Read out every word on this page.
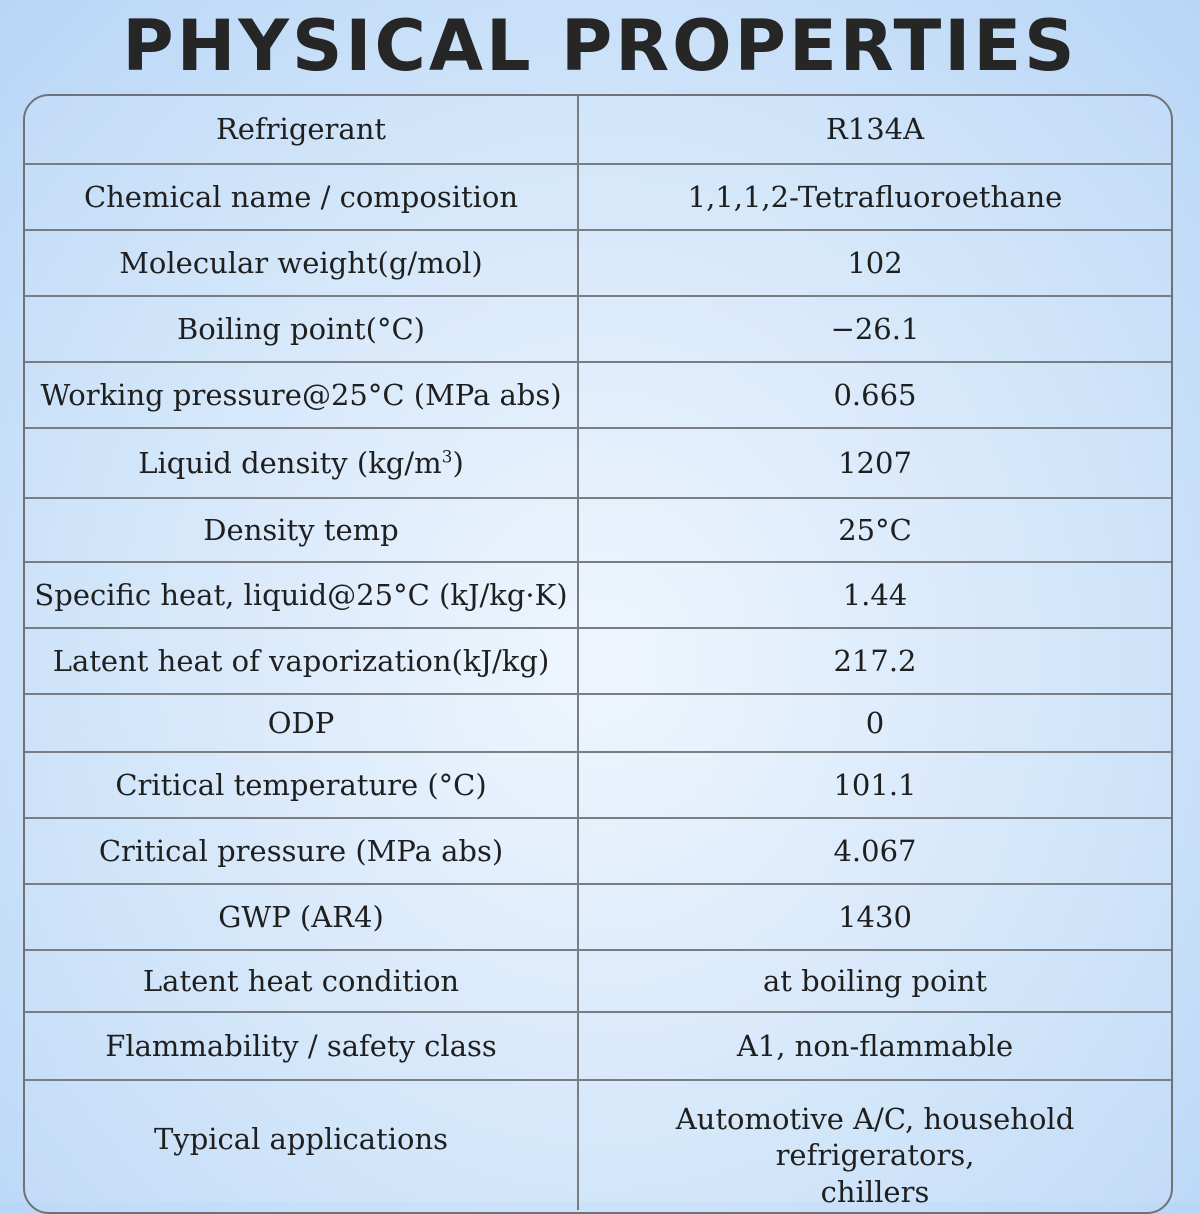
PHYSICAL PROPERTIES
Refrigerant	R134A
Chemical name / composition	1,1,1,2-Tetrafluoroethane
Molecular weight(g/mol)	102
Boiling point(°C)	−26.1
Working pressure@25°C (MPa abs)	0.665
Liquid density $(kg/m^3)$	1207
Density temp	25°C
Specific heat, liquid@25°C (kJ/kg·K)	1.44
Latent heat of vaporization(kJ/kg)	217.2
ODP	0
Critical temperature (°C)	101.1
Critical pressure (MPa abs)	4.067
GWP (AR4)	1430
Latent heat condition	at boiling point
Flammability / safety class	A1, non-flammable
Typical applications	Automotive A/C, household refrigerators,
chillers
